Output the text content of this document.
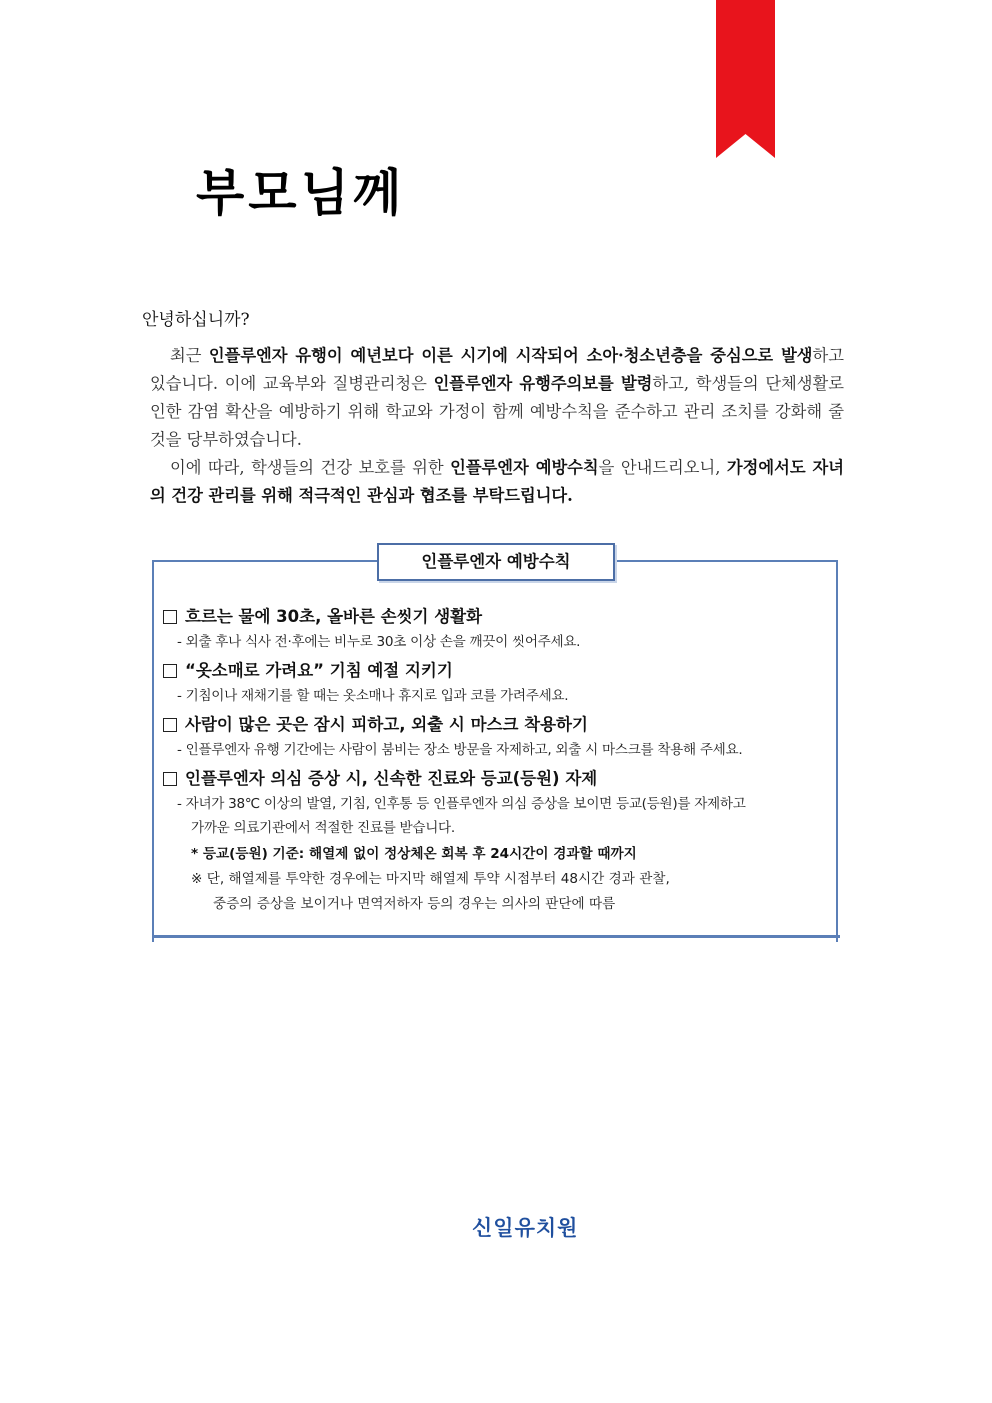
부모님께

안녕하십니까?

최근 인플루엔자 유행이 예년보다 이른 시기에 시작되어 소아·청소년층을 중심으로 발생하고 있습니다. 이에 교육부와 질병관리청은 인플루엔자 유행주의보를 발령하고, 학생들의 단체생활로 인한 감염 확산을 예방하기 위해 학교와 가정이 함께 예방수칙을 준수하고 관리 조치를 강화해 줄 것을 당부하였습니다.

이에 따라, 학생들의 건강 보호를 위한 인플루엔자 예방수칙을 안내드리오니, 가정에서도 자녀의 건강 관리를 위해 적극적인 관심과 협조를 부탁드립니다.

인플루엔자 예방수칙
흐르는 물에 30초, 올바른 손씻기 생활화

- 외출 후나 식사 전·후에는 비누로 30초 이상 손을 깨끗이 씻어주세요.

“옷소매로 가려요” 기침 예절 지키기

- 기침이나 재채기를 할 때는 옷소매나 휴지로 입과 코를 가려주세요.

사람이 많은 곳은 잠시 피하고, 외출 시 마스크 착용하기

- 인플루엔자 유행 기간에는 사람이 붐비는 장소 방문을 자제하고, 외출 시 마스크를 착용해 주세요.

인플루엔자 의심 증상 시, 신속한 진료와 등교(등원) 자제

- 자녀가 38℃ 이상의 발열, 기침, 인후통 등 인플루엔자 의심 증상을 보이면 등교(등원)를 자제하고

가까운 의료기관에서 적절한 진료를 받습니다.

* 등교(등원) 기준: 해열제 없이 정상체온 회복 후 24시간이 경과할 때까지

※ 단, 해열제를 투약한 경우에는 마지막 해열제 투약 시점부터 48시간 경과 관찰,

중증의 증상을 보이거나 면역저하자 등의 경우는 의사의 판단에 따름

신일유치원
